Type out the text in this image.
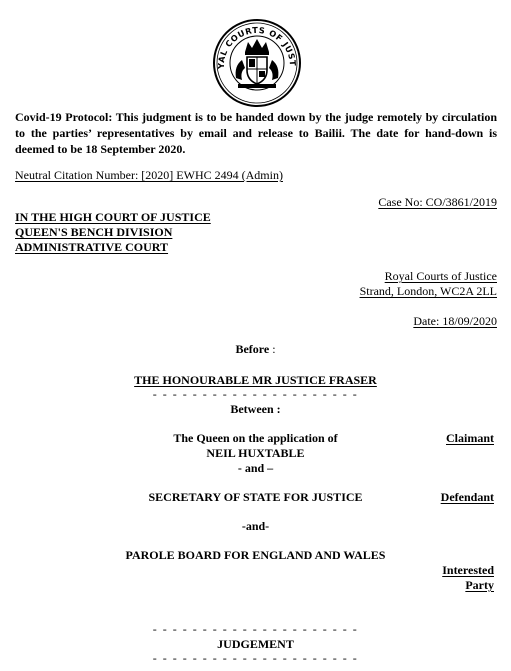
YAL COURTS OF JUST
Covid-19 Protocol: This judgment is to be handed down by the judge remotely by circulation to the parties’ representatives by email and release to Bailii. The date for hand-down is deemed to be 18 September 2020.
Neutral Citation Number: [2020] EWHC 2494 (Admin)
Case No: CO/3861/2019
IN THE HIGH COURT OF JUSTICE
QUEEN'S BENCH DIVISION
ADMINISTRATIVE COURT
Royal Courts of Justice
Strand, London, WC2A 2LL
Date: 18/09/2020
Before :
THE HONOURABLE MR JUSTICE FRASER
- - - - - - - - - - - - - - - - - - - - -
Between :
The Queen on the application of
NEIL HUXTABLE
- and –
Claimant
SECRETARY OF STATE FOR JUSTICE	Defendant
-and-
PAROLE BOARD FOR ENGLAND AND WALES
Interested
Party
- - - - - - - - - - - - - - - - - - - - -
JUDGEMENT
- - - - - - - - - - - - - - - - - - - - -
